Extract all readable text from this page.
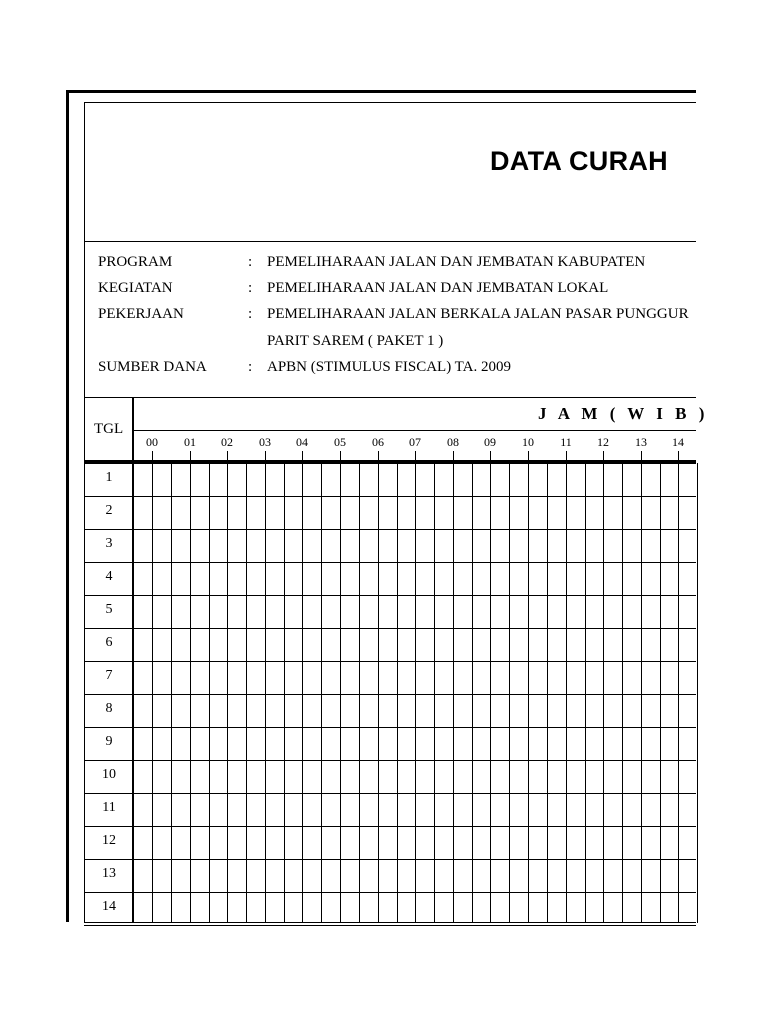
DATA CURAH
PROGRAM	: PEMELIHARAAN JALAN DAN JEMBATAN KABUPATEN
KEGIATAN	: PEMELIHARAAN JALAN DAN JEMBATAN LOKAL
PEKERJAAN	: PEMELIHARAAN JALAN BERKALA JALAN PASAR PUNGGUR
PARIT SAREM ( PAKET 1 )
SUMBER DANA	: APBN (STIMULUS FISCAL) TA. 2009
TGL
J A M ( W I B )
00	01	02	03	04	05	06	07	08	09	10	11	12	13	14
1
2
3
4
5
6
7
8
9
10
11
12
13
14
